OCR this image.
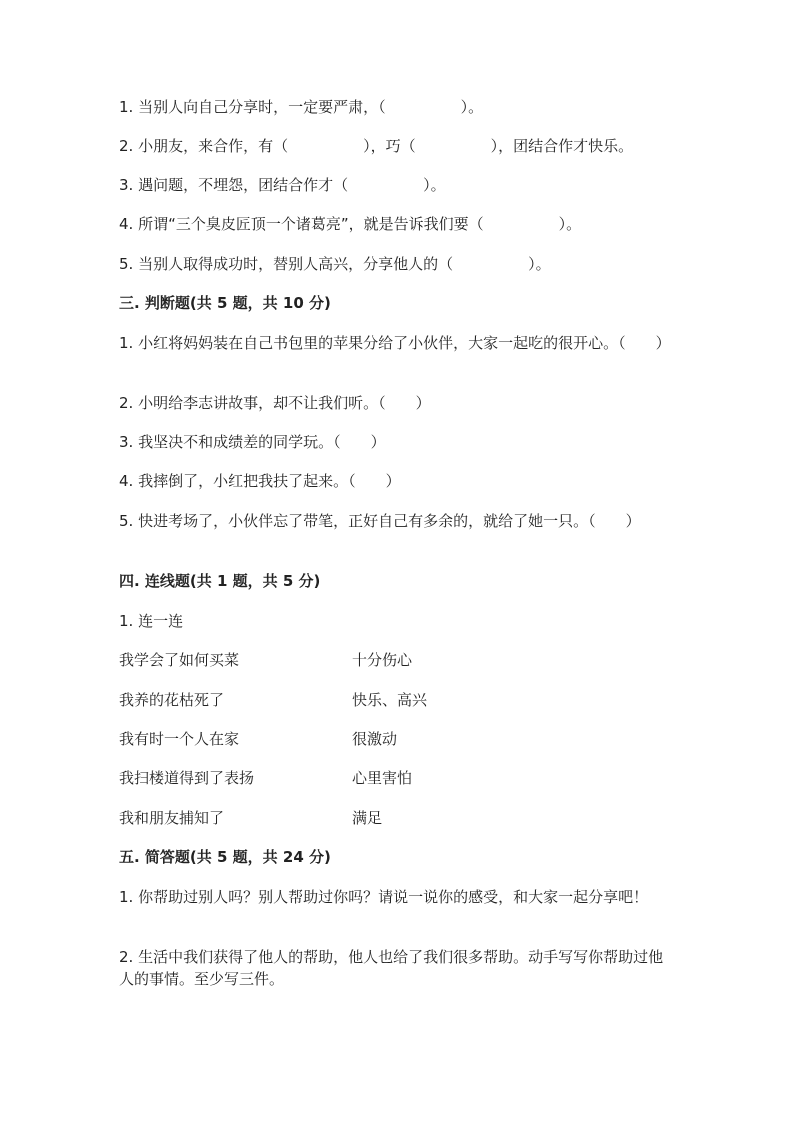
1. 当别人向自己分享时，一定要严肃，（　　　　　）。
2. 小朋友，来合作，有（　　　　　），巧（　　　　　），团结合作才快乐。
3. 遇问题，不埋怨，团结合作才（　　　　　）。
4. 所谓“三个臭皮匠顶一个诸葛亮”，就是告诉我们要（　　　　　）。
5. 当别人取得成功时，替别人高兴，分享他人的（　　　　　）。
三. 判断题(共 5 题，共 10 分)
1. 小红将妈妈装在自己书包里的苹果分给了小伙伴，大家一起吃的很开心。（　　）
2. 小明给李志讲故事，却不让我们听。（　　）
3. 我坚决不和成绩差的同学玩。（　　）
4. 我摔倒了，小红把我扶了起来。（　　）
5. 快进考场了，小伙伴忘了带笔，正好自己有多余的，就给了她一只。（　　）
四. 连线题(共 1 题，共 5 分)
1. 连一连
我学会了如何买菜	十分伤心
我养的花枯死了	快乐、高兴
我有时一个人在家	很激动
我扫楼道得到了表扬	心里害怕
我和朋友捕知了	满足
五. 简答题(共 5 题，共 24 分)
1. 你帮助过别人吗？别人帮助过你吗？请说一说你的感受，和大家一起分享吧！
2. 生活中我们获得了他人的帮助，他人也给了我们很多帮助。动手写写你帮助过他人的事情。至少写三件。
